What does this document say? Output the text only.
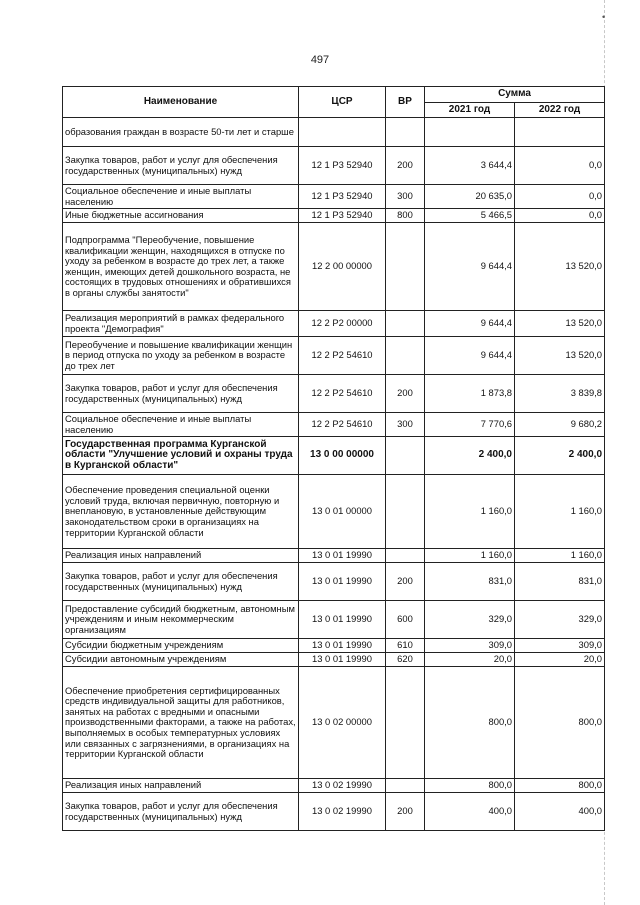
497
•
Наименование	ЦСР	ВР	Сумма	
			2021 год	2022 год
образования граждан в возрасте 50-ти лет и старше				
Закупка товаров, работ и услуг для обеспечения государственных (муниципальных) нужд	12 1 P3 52940	200	3 644,4	0,0
Социальное обеспечение и иные выплаты населению	12 1 P3 52940	300	20 635,0	0,0
Иные бюджетные ассигнования	12 1 P3 52940	800	5 466,5	0,0
Подпрограмма "Переобучение, повышение квалификации женщин, находящихся в отпуске по уходу за ребенком в возрасте до трех лет, а также женщин, имеющих детей дошкольного возраста, не состоящих в трудовых отношениях и обратившихся в органы службы занятости"	12 2 00 00000		9 644,4	13 520,0
Реализация мероприятий в рамках федерального проекта "Демография"	12 2 P2 00000		9 644,4	13 520,0
Переобучение и повышение квалификации женщин в период отпуска по уходу за ребенком в возрасте до трех лет	12 2 P2 54610		9 644,4	13 520,0
Закупка товаров, работ и услуг для обеспечения государственных (муниципальных) нужд	12 2 P2 54610	200	1 873,8	3 839,8
Социальное обеспечение и иные выплаты населению	12 2 P2 54610	300	7 770,6	9 680,2
Государственная программа Курганской области "Улучшение условий и охраны труда в Курганской области"	13 0 00 00000		2 400,0	2 400,0
Обеспечение проведения специальной оценки условий труда, включая первичную, повторную и внеплановую, в установленные действующим законодательством сроки в организациях на территории Курганской области	13 0 01 00000		1 160,0	1 160,0
Реализация иных направлений	13 0 01 19990		1 160,0	1 160,0
Закупка товаров, работ и услуг для обеспечения государственных (муниципальных) нужд	13 0 01 19990	200	831,0	831,0
Предоставление субсидий бюджетным, автономным учреждениям и иным некоммерческим организациям	13 0 01 19990	600	329,0	329,0
Субсидии бюджетным учреждениям	13 0 01 19990	610	309,0	309,0
Субсидии автономным учреждениям	13 0 01 19990	620	20,0	20,0
Обеспечение приобретения сертифицированных средств индивидуальной защиты для работников, занятых на работах с вредными и опасными производственными факторами, а также на работах, выполняемых в особых температурных условиях или связанных с загрязнениями, в организациях на территории Курганской области	13 0 02 00000		800,0	800,0
Реализация иных направлений	13 0 02 19990		800,0	800,0
Закупка товаров, работ и услуг для обеспечения государственных (муниципальных) нужд	13 0 02 19990	200	400,0	400,0
